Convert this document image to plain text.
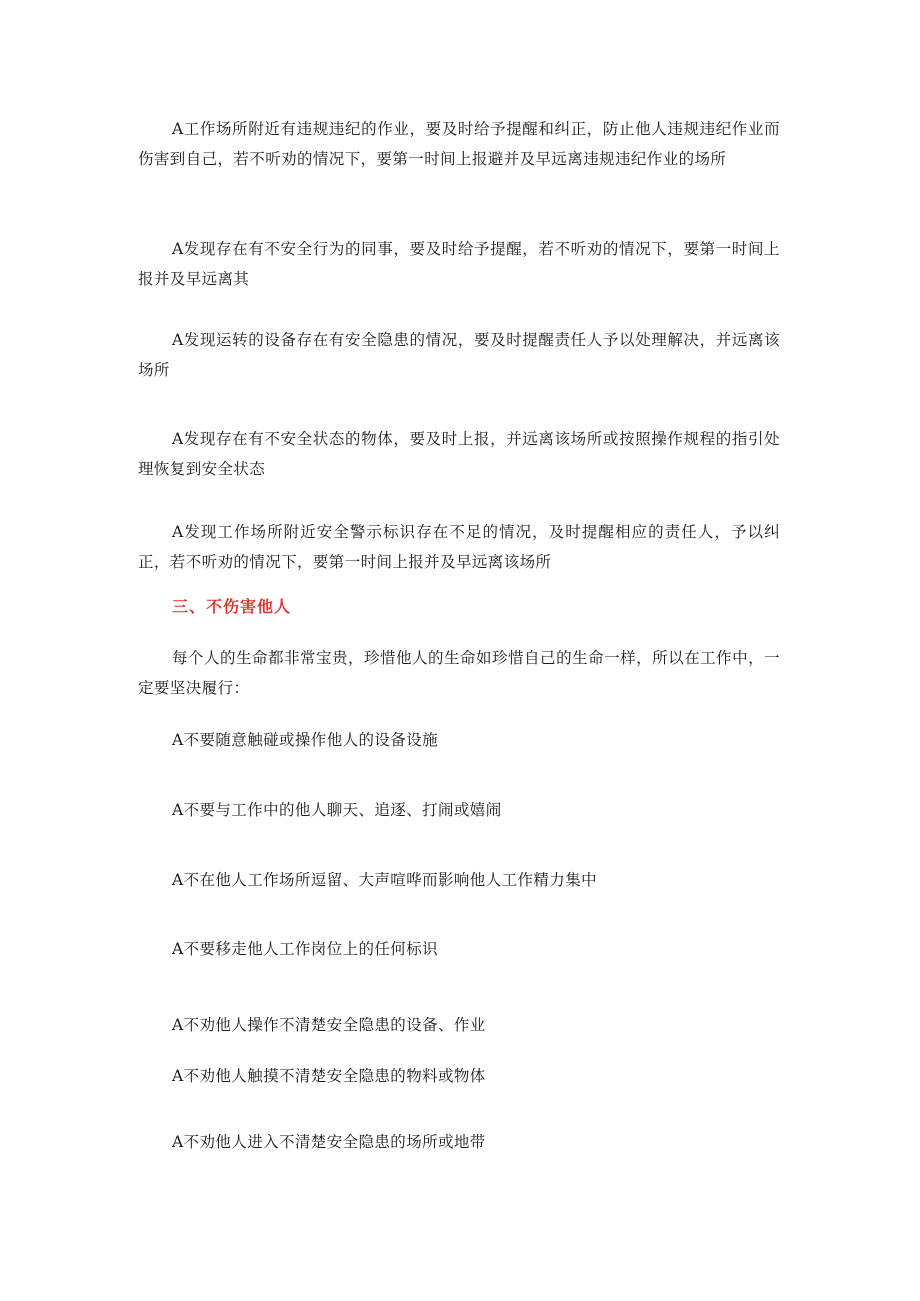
A工作场所附近有违规违纪的作业，要及时给予提醒和纠正，防止他人违规违纪作业而伤害到自己，若不听劝的情况下，要第一时间上报避并及早远离违规违纪作业的场所

A发现存在有不安全行为的同事，要及时给予提醒，若不听劝的情况下，要第一时间上报并及早远离其

A发现运转的设备存在有安全隐患的情况，要及时提醒责任人予以处理解决，并远离该场所

A发现存在有不安全状态的物体，要及时上报，并远离该场所或按照操作规程的指引处理恢复到安全状态

A发现工作场所附近安全警示标识存在不足的情况，及时提醒相应的责任人，予以纠正，若不听劝的情况下，要第一时间上报并及早远离该场所

三、不伤害他人

每个人的生命都非常宝贵，珍惜他人的生命如珍惜自己的生命一样，所以在工作中，一定要坚决履行：

A不要随意触碰或操作他人的设备设施

A不要与工作中的他人聊天、追逐、打闹或嬉闹

A不在他人工作场所逗留、大声喧哗而影响他人工作精力集中

A不要移走他人工作岗位上的任何标识

A不劝他人操作不清楚安全隐患的设备、作业

A不劝他人触摸不清楚安全隐患的物料或物体

A不劝他人进入不清楚安全隐患的场所或地带
